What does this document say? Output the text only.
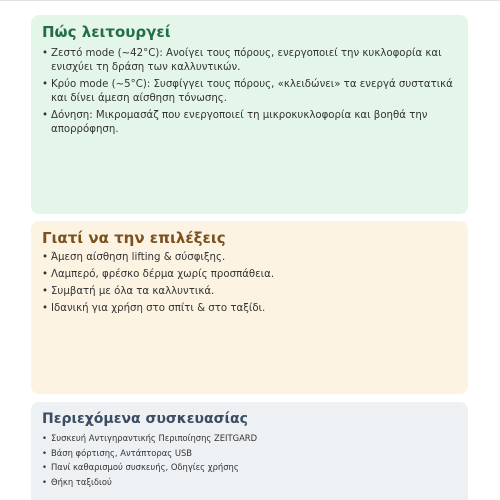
Πώς λειτουργεί
• Ζεστό mode (~42°C): Ανοίγει τους πόρους, ενεργοποιεί την κυκλοφορία και ενισχύει τη δράση των καλλυντικών.
• Κρύο mode (~5°C): Συσφίγγει τους πόρους, «κλειδώνει» τα ενεργά συστατικά και δίνει άμεση αίσθηση τόνωσης.
• Δόνηση: Μικρομασάζ που ενεργοποιεί τη μικροκυκλοφορία και βοηθά την απορρόφηση.
Γιατί να την επιλέξεις
• Άμεση αίσθηση lifting & σύσφιξης.
• Λαμπερό, φρέσκο δέρμα χωρίς προσπάθεια.
• Συμβατή με όλα τα καλλυντικά.
• Ιδανική για χρήση στο σπίτι & στο ταξίδι.
Περιεχόμενα συσκευασίας
• Συσκευή Αντιγηραντικής Περιποίησης ZEITGARD
• Βάση φόρτισης, Αντάπτορας USB
• Πανί καθαρισμού συσκευής, Οδηγίες χρήσης
• Θήκη ταξιδιού
